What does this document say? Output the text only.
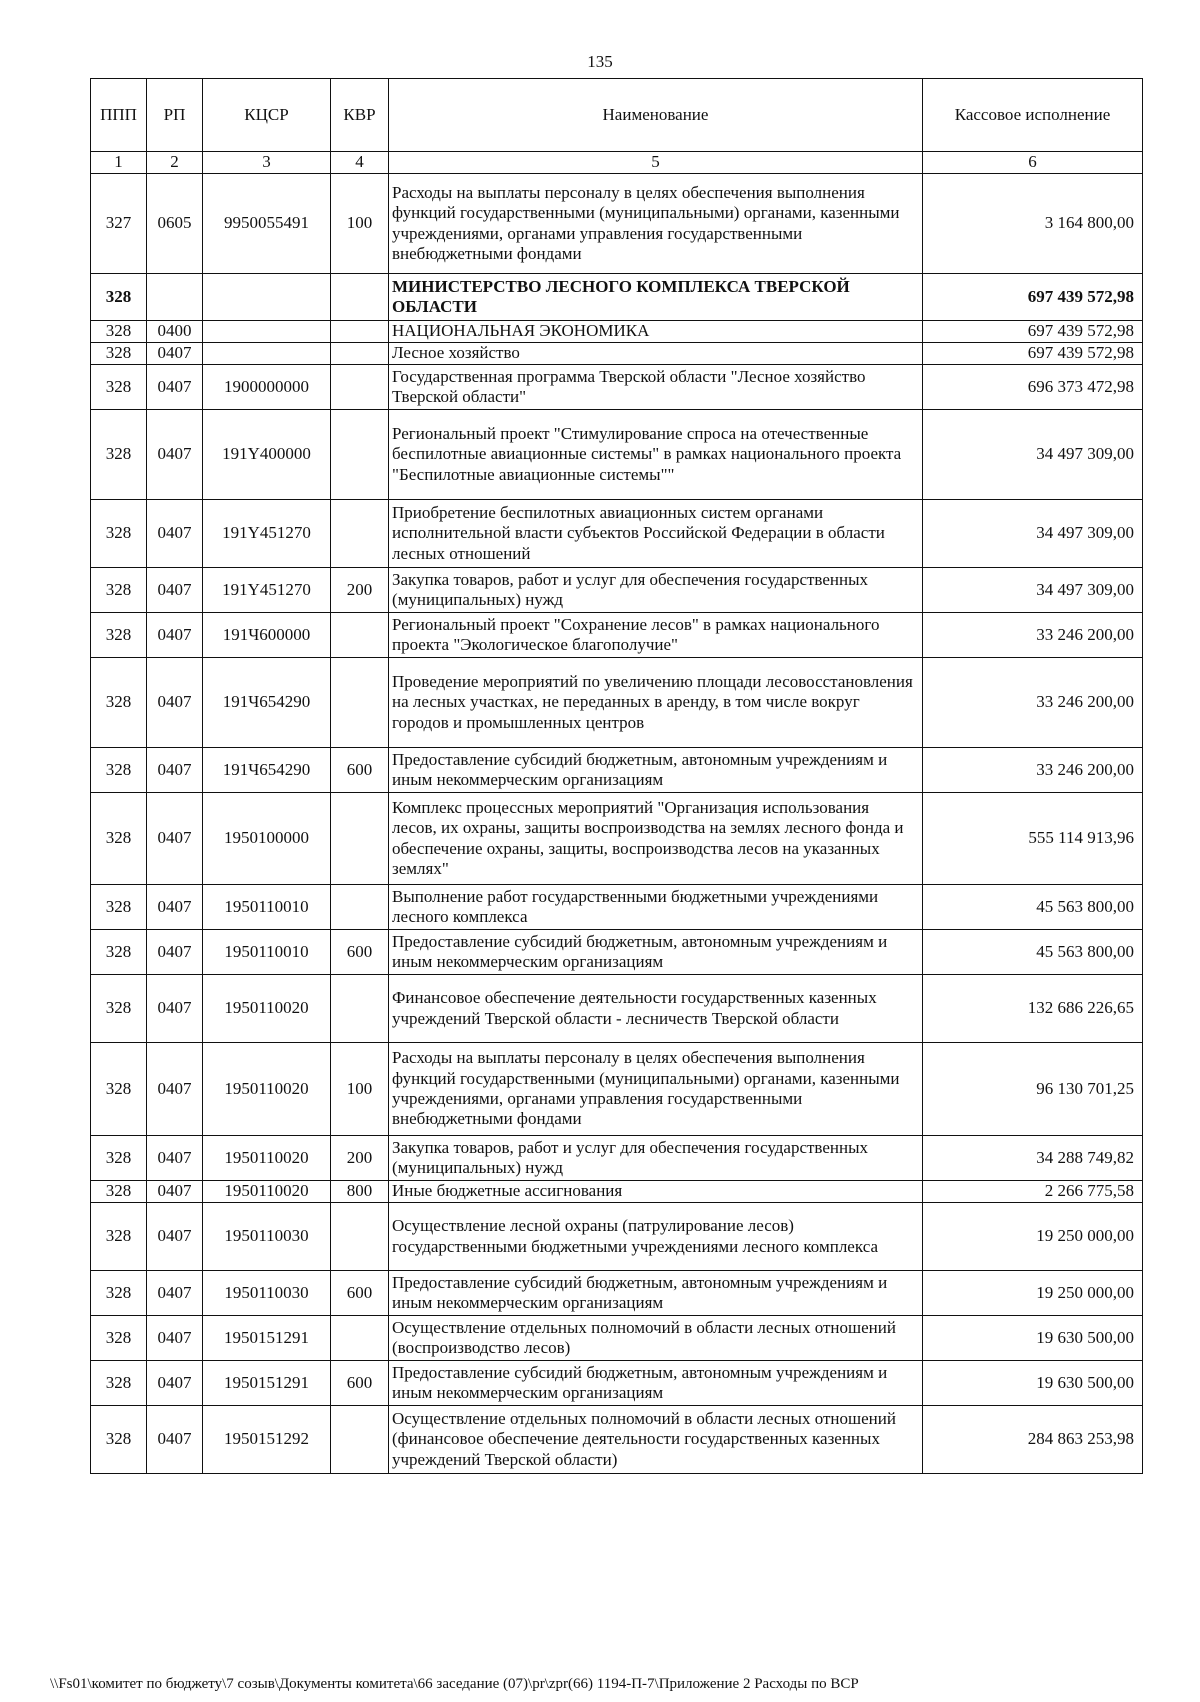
135
ППП	РП	КЦСР	КВР	Наименование	Кассовое исполнение
1	2	3	4	5	6
327	0605	9950055491	100	Расходы на выплаты персоналу в целях обеспечения выполнения функций государственными (муниципальными) органами, казенными учреждениями, органами управления государственными внебюджетными фондами	3 164 800,00
328				МИНИСТЕРСТВО ЛЕСНОГО КОМПЛЕКСА ТВЕРСКОЙ ОБЛАСТИ	697 439 572,98
328	0400			НАЦИОНАЛЬНАЯ ЭКОНОМИКА	697 439 572,98
328	0407			Лесное хозяйство	697 439 572,98
328	0407	1900000000		Государственная программа Тверской области "Лесное хозяйство Тверской области"	696 373 472,98
328	0407	191Y400000		Региональный проект "Стимулирование спроса на отечественные беспилотные авиационные системы" в рамках национального проекта "Беспилотные авиационные системы""	34 497 309,00
328	0407	191Y451270		Приобретение беспилотных авиационных систем органами исполнительной власти субъектов Российской Федерации в области лесных отношений	34 497 309,00
328	0407	191Y451270	200	Закупка товаров, работ и услуг для обеспечения государственных (муниципальных) нужд	34 497 309,00
328	0407	191Ч600000		Региональный проект "Сохранение лесов" в рамках национального проекта "Экологическое благополучие"	33 246 200,00
328	0407	191Ч654290		Проведение мероприятий по увеличению площади лесовосстановления на лесных участках, не переданных в аренду, в том числе вокруг городов и промышленных центров	33 246 200,00
328	0407	191Ч654290	600	Предоставление субсидий бюджетным, автономным учреждениям и иным некоммерческим организациям	33 246 200,00
328	0407	1950100000		Комплекс процессных мероприятий "Организация использования лесов, их охраны, защиты воспроизводства на землях лесного фонда и обеспечение охраны, защиты, воспроизводства лесов на указанных землях"	555 114 913,96
328	0407	1950110010		Выполнение работ государственными бюджетными учреждениями лесного комплекса	45 563 800,00
328	0407	1950110010	600	Предоставление субсидий бюджетным, автономным учреждениям и иным некоммерческим организациям	45 563 800,00
328	0407	1950110020		Финансовое обеспечение деятельности государственных казенных учреждений Тверской области - лесничеств Тверской области	132 686 226,65
328	0407	1950110020	100	Расходы на выплаты персоналу в целях обеспечения выполнения функций государственными (муниципальными) органами, казенными учреждениями, органами управления государственными внебюджетными фондами	96 130 701,25
328	0407	1950110020	200	Закупка товаров, работ и услуг для обеспечения государственных (муниципальных) нужд	34 288 749,82
328	0407	1950110020	800	Иные бюджетные ассигнования	2 266 775,58
328	0407	1950110030		Осуществление лесной охраны (патрулирование лесов) государственными бюджетными учреждениями лесного комплекса	19 250 000,00
328	0407	1950110030	600	Предоставление субсидий бюджетным, автономным учреждениям и иным некоммерческим организациям	19 250 000,00
328	0407	1950151291		Осуществление отдельных полномочий в области лесных отношений (воспроизводство лесов)	19 630 500,00
328	0407	1950151291	600	Предоставление субсидий бюджетным, автономным учреждениям и иным некоммерческим организациям	19 630 500,00
328	0407	1950151292		Осуществление отдельных полномочий в области лесных отношений (финансовое обеспечение деятельности государственных казенных учреждений Тверской области)	284 863 253,98
\\Fs01\комитет по бюджету\7 созыв\Документы комитета\66 заседание (07)\pr\zpr(66) 1194-П-7\Приложение 2 Расходы по ВСР
